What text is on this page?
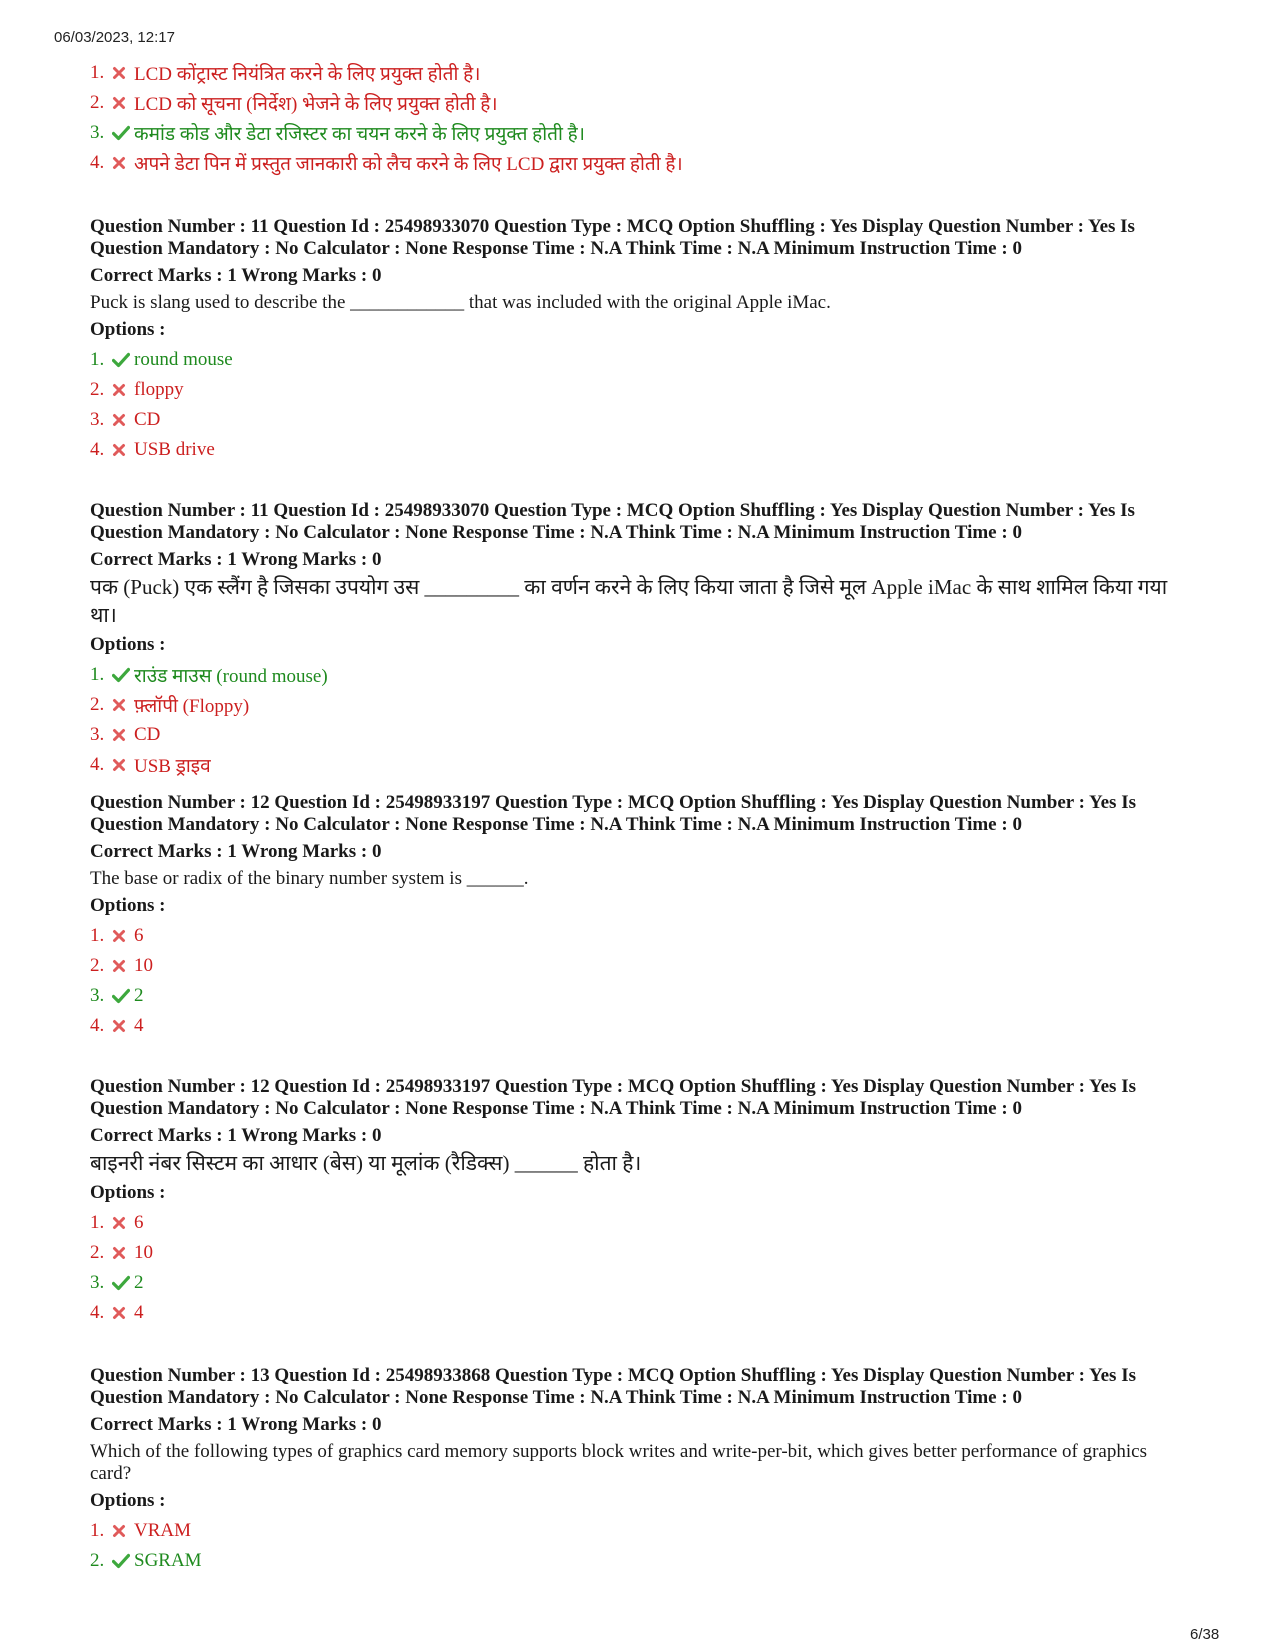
06/03/2023, 12:17
1.	LCD कोंट्रास्ट नियंत्रित करने के लिए प्रयुक्त होती है।
2.	LCD को सूचना (निर्देश) भेजने के लिए प्रयुक्त होती है।
3.	कमांड कोड और डेटा रजिस्टर का चयन करने के लिए प्रयुक्त होती है।
4.	अपने डेटा पिन में प्रस्तुत जानकारी को लैच करने के लिए LCD द्वारा प्रयुक्त होती है।
Question Number : 11 Question Id : 25498933070 Question Type : MCQ Option Shuffling : Yes Display Question Number : Yes Is Question Mandatory : No Calculator : None Response Time : N.A Think Time : N.A Minimum Instruction Time : 0
Correct Marks : 1 Wrong Marks : 0
Puck is slang used to describe the ____________ that was included with the original Apple iMac.
Options :
1.	round mouse
2.	floppy
3.	CD
4.	USB drive
Question Number : 11 Question Id : 25498933070 Question Type : MCQ Option Shuffling : Yes Display Question Number : Yes Is Question Mandatory : No Calculator : None Response Time : N.A Think Time : N.A Minimum Instruction Time : 0
Correct Marks : 1 Wrong Marks : 0
पक (Puck) एक स्लैंग है जिसका उपयोग उस _________ का वर्णन करने के लिए किया जाता है जिसे मूल Apple iMac के साथ शामिल किया गया था।
Options :
1.	राउंड माउस (round mouse)
2.	फ़्लॉपी (Floppy)
3.	CD
4.	USB ड्राइव
Question Number : 12 Question Id : 25498933197 Question Type : MCQ Option Shuffling : Yes Display Question Number : Yes Is Question Mandatory : No Calculator : None Response Time : N.A Think Time : N.A Minimum Instruction Time : 0
Correct Marks : 1 Wrong Marks : 0
The base or radix of the binary number system is ______.
Options :
1.	6
2.	10
3.	2
4.	4
Question Number : 12 Question Id : 25498933197 Question Type : MCQ Option Shuffling : Yes Display Question Number : Yes Is Question Mandatory : No Calculator : None Response Time : N.A Think Time : N.A Minimum Instruction Time : 0
Correct Marks : 1 Wrong Marks : 0
बाइनरी नंबर सिस्टम का आधार (बेस) या मूलांक (रैडिक्स) ______ होता है।
Options :
1.	6
2.	10
3.	2
4.	4
Question Number : 13 Question Id : 25498933868 Question Type : MCQ Option Shuffling : Yes Display Question Number : Yes Is Question Mandatory : No Calculator : None Response Time : N.A Think Time : N.A Minimum Instruction Time : 0
Correct Marks : 1 Wrong Marks : 0
Which of the following types of graphics card memory supports block writes and write-per-bit, which gives better performance of graphics card?
Options :
1.	VRAM
2.	SGRAM
6/38
